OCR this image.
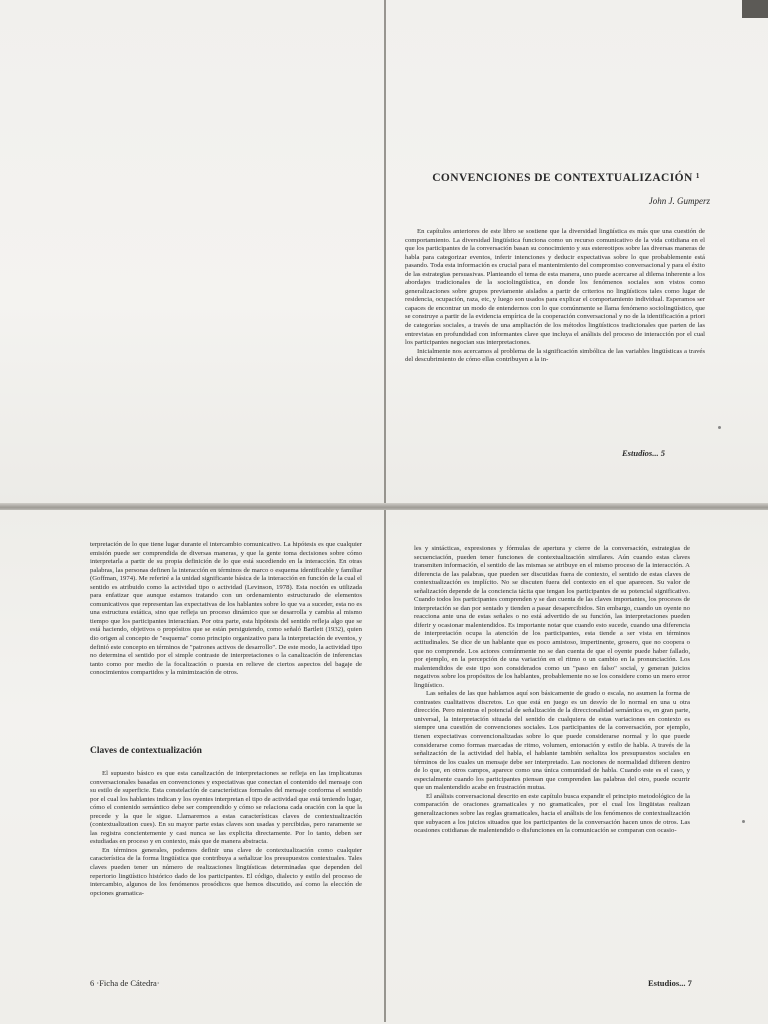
CONVENCIONES DE CONTEXTUALIZACIÓN ¹
John J. Gumperz

En capítulos anteriores de este libro se sostiene que la diversidad lingüística es más que una cuestión de comportamiento. La diversidad lingüística funciona como un recurso comunicativo de la vida cotidiana en el que los participantes de la conversación basan su conocimiento y sus estereotipos sobre las diversas maneras de habla para categorizar eventos, inferir intenciones y deducir expectativas sobre lo que probablemente está pasando. Toda esta información es crucial para el mantenimiento del compromiso conversacional y para el éxito de las estrategias persuasivas. Planteando el tema de esta manera, uno puede acercarse al dilema inherente a los abordajes tradicionales de la sociolingüística, en donde los fenómenos sociales son vistos como generalizaciones sobre grupos previamente aislados a partir de criterios no lingüísticos tales como lugar de residencia, ocupación, raza, etc, y luego son usados para explicar el comportamiento individual. Esperamos ser capaces de encontrar un modo de entendernos con lo que comúnmente se llama fenómeno sociolingüístico, que se construye a partir de la evidencia empírica de la cooperación conversacional y no de la identificación a priori de categorías sociales, a través de una ampliación de los métodos lingüísticos tradicionales que parten de las entrevistas en profundidad con informantes clave que incluya el análisis del proceso de interacción por el cual los participantes negocian sus interpretaciones.

Inicialmente nos acercamos al problema de la significación simbólica de las variables lingüísticas a través del descubrimiento de cómo ellas contribuyen a la in-

Estudios... 5

terpretación de lo que tiene lugar durante el intercambio comunicativo. La hipótesis es que cualquier emisión puede ser comprendida de diversas maneras, y que la gente toma decisiones sobre cómo interpretarla a partir de su propia definición de lo que está sucediendo en la interacción. En otras palabras, las personas definen la interacción en términos de marco o esquema identificable y familiar (Goffman, 1974). Me referiré a la unidad significante básica de la interacción en función de la cual el sentido es atribuido como la actividad tipo o actividad (Levinson, 1978). Esta noción es utilizada para enfatizar que aunque estamos tratando con un ordenamiento estructurado de elementos comunicativos que representan las expectativas de los hablantes sobre lo que va a suceder, esta no es una estructura estática, sino que refleja un proceso dinámico que se desarrolla y cambia al mismo tiempo que los participantes interactúan. Por otra parte, esta hipótesis del sentido refleja algo que se está haciendo, objetivos o propósitos que se están persiguiendo, como señaló Bartlett (1932), quien dio origen al concepto de "esquema" como principio organizativo para la interpretación de eventos, y definió este concepto en términos de "patrones activos de desarrollo". De este modo, la actividad tipo no determina el sentido por el simple contraste de interpretaciones o la canalización de inferencias tanto como por medio de la focalización o puesta en relieve de ciertos aspectos del bagaje de conocimientos compartidos y la minimización de otros.

Claves de contextualización

El supuesto básico es que esta canalización de interpretaciones se refleja en las implicaturas conversacionales basadas en convenciones y expectativas que conectan el contenido del mensaje con su estilo de superficie. Esta constelación de características formales del mensaje conforma el sentido por el cual los hablantes indican y los oyentes interpretan el tipo de actividad que está teniendo lugar, cómo el contenido semántico debe ser comprendido y cómo se relaciona cada oración con la que la precede y la que le sigue. Llamaremos a estas características claves de contextualización (contextualization cues). En su mayor parte estas claves son usadas y percibidas, pero raramente se las registra concientemente y casi nunca se las explicita directamente. Por lo tanto, deben ser estudiadas en proceso y en contexto, más que de manera abstracta.

En términos generales, podemos definir una clave de contextualización como cualquier característica de la forma lingüística que contribuya a señalizar los presupuestos contextuales. Tales claves pueden tener un número de realizaciones lingüísticas determinadas que dependen del repertorio lingüístico histórico dado de los participantes. El código, dialecto y estilo del proceso de intercambio, algunos de los fenómenos prosódicos que hemos discutido, así como la elección de opciones gramatica-

les y sintácticas, expresiones y fórmulas de apertura y cierre de la conversación, estrategias de secuenciación, pueden tener funciones de contextualización similares. Aún cuando estas claves transmiten información, el sentido de las mismas se atribuye en el mismo proceso de la interacción. A diferencia de las palabras, que pueden ser discutidas fuera de contexto, el sentido de estas claves de contextualización es implícito. No se discuten fuera del contexto en el que aparecen. Su valor de señalización depende de la conciencia tácita que tengan los participantes de su potencial significativo. Cuando todos los participantes comprenden y se dan cuenta de las claves importantes, los procesos de interpretación se dan por sentado y tienden a pasar desapercibidos. Sin embargo, cuando un oyente no reacciona ante una de estas señales o no está advertido de su función, las interpretaciones pueden diferir y ocasionar malentendidos. Es importante notar que cuando esto sucede, cuando una diferencia de interpretación ocupa la atención de los participantes, esta tiende a ser vista en términos actitudinales. Se dice de un hablante que es poco amistoso, impertinente, grosero, que no coopera o que no comprende. Los actores comúnmente no se dan cuenta de que el oyente puede haber fallado, por ejemplo, en la percepción de una variación en el ritmo o un cambio en la pronunciación. Los malentendidos de este tipo son considerados como un "paso en falso" social, y generan juicios negativos sobre los propósitos de los hablantes, probablemente no se los considere como un mero error lingüístico.

Las señales de las que hablamos aquí son básicamente de grado o escala, no asumen la forma de contrastes cualitativos discretos. Lo que está en juego es un desvío de lo normal en una u otra dirección. Pero mientras el potencial de señalización de la direccionalidad semántica es, en gran parte, universal, la interpretación situada del sentido de cualquiera de estas variaciones en contexto es siempre una cuestión de convenciones sociales. Los participantes de la conversación, por ejemplo, tienen expectativas convencionalizadas sobre lo que puede considerarse normal y lo que puede considerarse como formas marcadas de ritmo, volumen, entonación y estilo de habla. A través de la señalización de la actividad del habla, el hablante también señaliza los presupuestos sociales en términos de los cuales un mensaje debe ser interpretado. Las nociones de normalidad difieren dentro de lo que, en otros campos, aparece como una única comunidad de habla. Cuando este es el caso, y especialmente cuando los participantes piensan que comprenden las palabras del otro, puede ocurrir que un malentendido acabe en frustración mutua.

El análisis conversacional descrito en este capítulo busca expandir el principio metodológico de la comparación de oraciones gramaticales y no gramaticales, por el cual los lingüistas realizan generalizaciones sobre las reglas gramaticales, hacia el análisis de los fenómenos de contextualización que subyacen a los juicios situados que los participantes de la conversación hacen unos de otros. Las ocasiones cotidianas de malentendido o disfunciones en la comunicación se comparan con ocasio-

6 ·Ficha de Cátedra·	Estudios... 7
